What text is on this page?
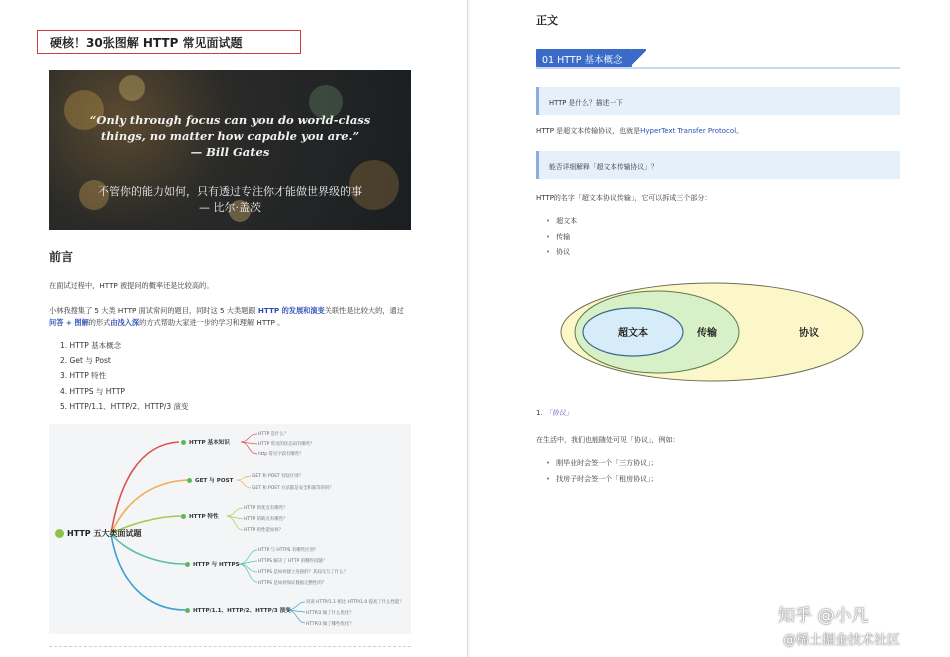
硬核！30张图解 HTTP 常见面试题
“Only through focus can you do world-class
things, no matter how capable you are.”
— Bill Gates
不管你的能力如何，只有透过专注你才能做世界级的事
— 比尔·盖茨
前言
在面试过程中，HTTP 被提问的概率还是比较高的。
小林我搜集了 5 大类 HTTP 面试常问的题目，同时这 5 大类题跟 HTTP 的发展和演变关联性是比较大的，通过问答 + 图解的形式由浅入深的方式帮助大家进一步的学习和理解 HTTP 。
1. HTTP 基本概念
2. Get 与 Post
3. HTTP 特性
4. HTTPS 与 HTTP
5. HTTP/1.1、HTTP/2、HTTP/3 演变
HTTP 五大类面试题
HTTP 基本知识
HTTP 是什么？
HTTP 常见的状态码有哪些？
http 常见字段有哪些？
GET 与 POST
GET 和 POST 有啥区别？
GET 和 POST 方法都是安全和幂等的吗？
HTTP 特性
HTTP 的优点有哪些？
HTTP 的缺点有哪些？
HTTP 的性能如何？
HTTP 与 HTTPS
HTTP 与 HTTPS 有哪些区别？
HTTPS 解决了 HTTP 的哪些问题？
HTTPS 是如何建立连接的？其间交互了什么？
HTTPS 是如何保证数据完整性的？
HTTP/1.1、HTTP/2、HTTP/3 演变
说说 HTTP/1.1 相比 HTTP/1.0 提高了什么性能？
HTTP/2 做了什么优化？
HTTP/3 做了哪些优化？
正文
01 HTTP 基本概念
HTTP 是什么？描述一下
HTTP 是超文本传输协议，也就是HyperText Transfer Protocol。
能否详细解释「超文本传输协议」？
HTTP的名字「超文本协议传输」，它可以拆成三个部分：
• 超文本
• 传输
• 协议
超文本	传输	协议
1. 「协议」
在生活中，我们也能随处可见「协议」，例如：
• 刚毕业时会签一个「三方协议」；
• 找房子时会签一个「租房协议」；
知乎 @小凡
@稀土掘金技术社区
